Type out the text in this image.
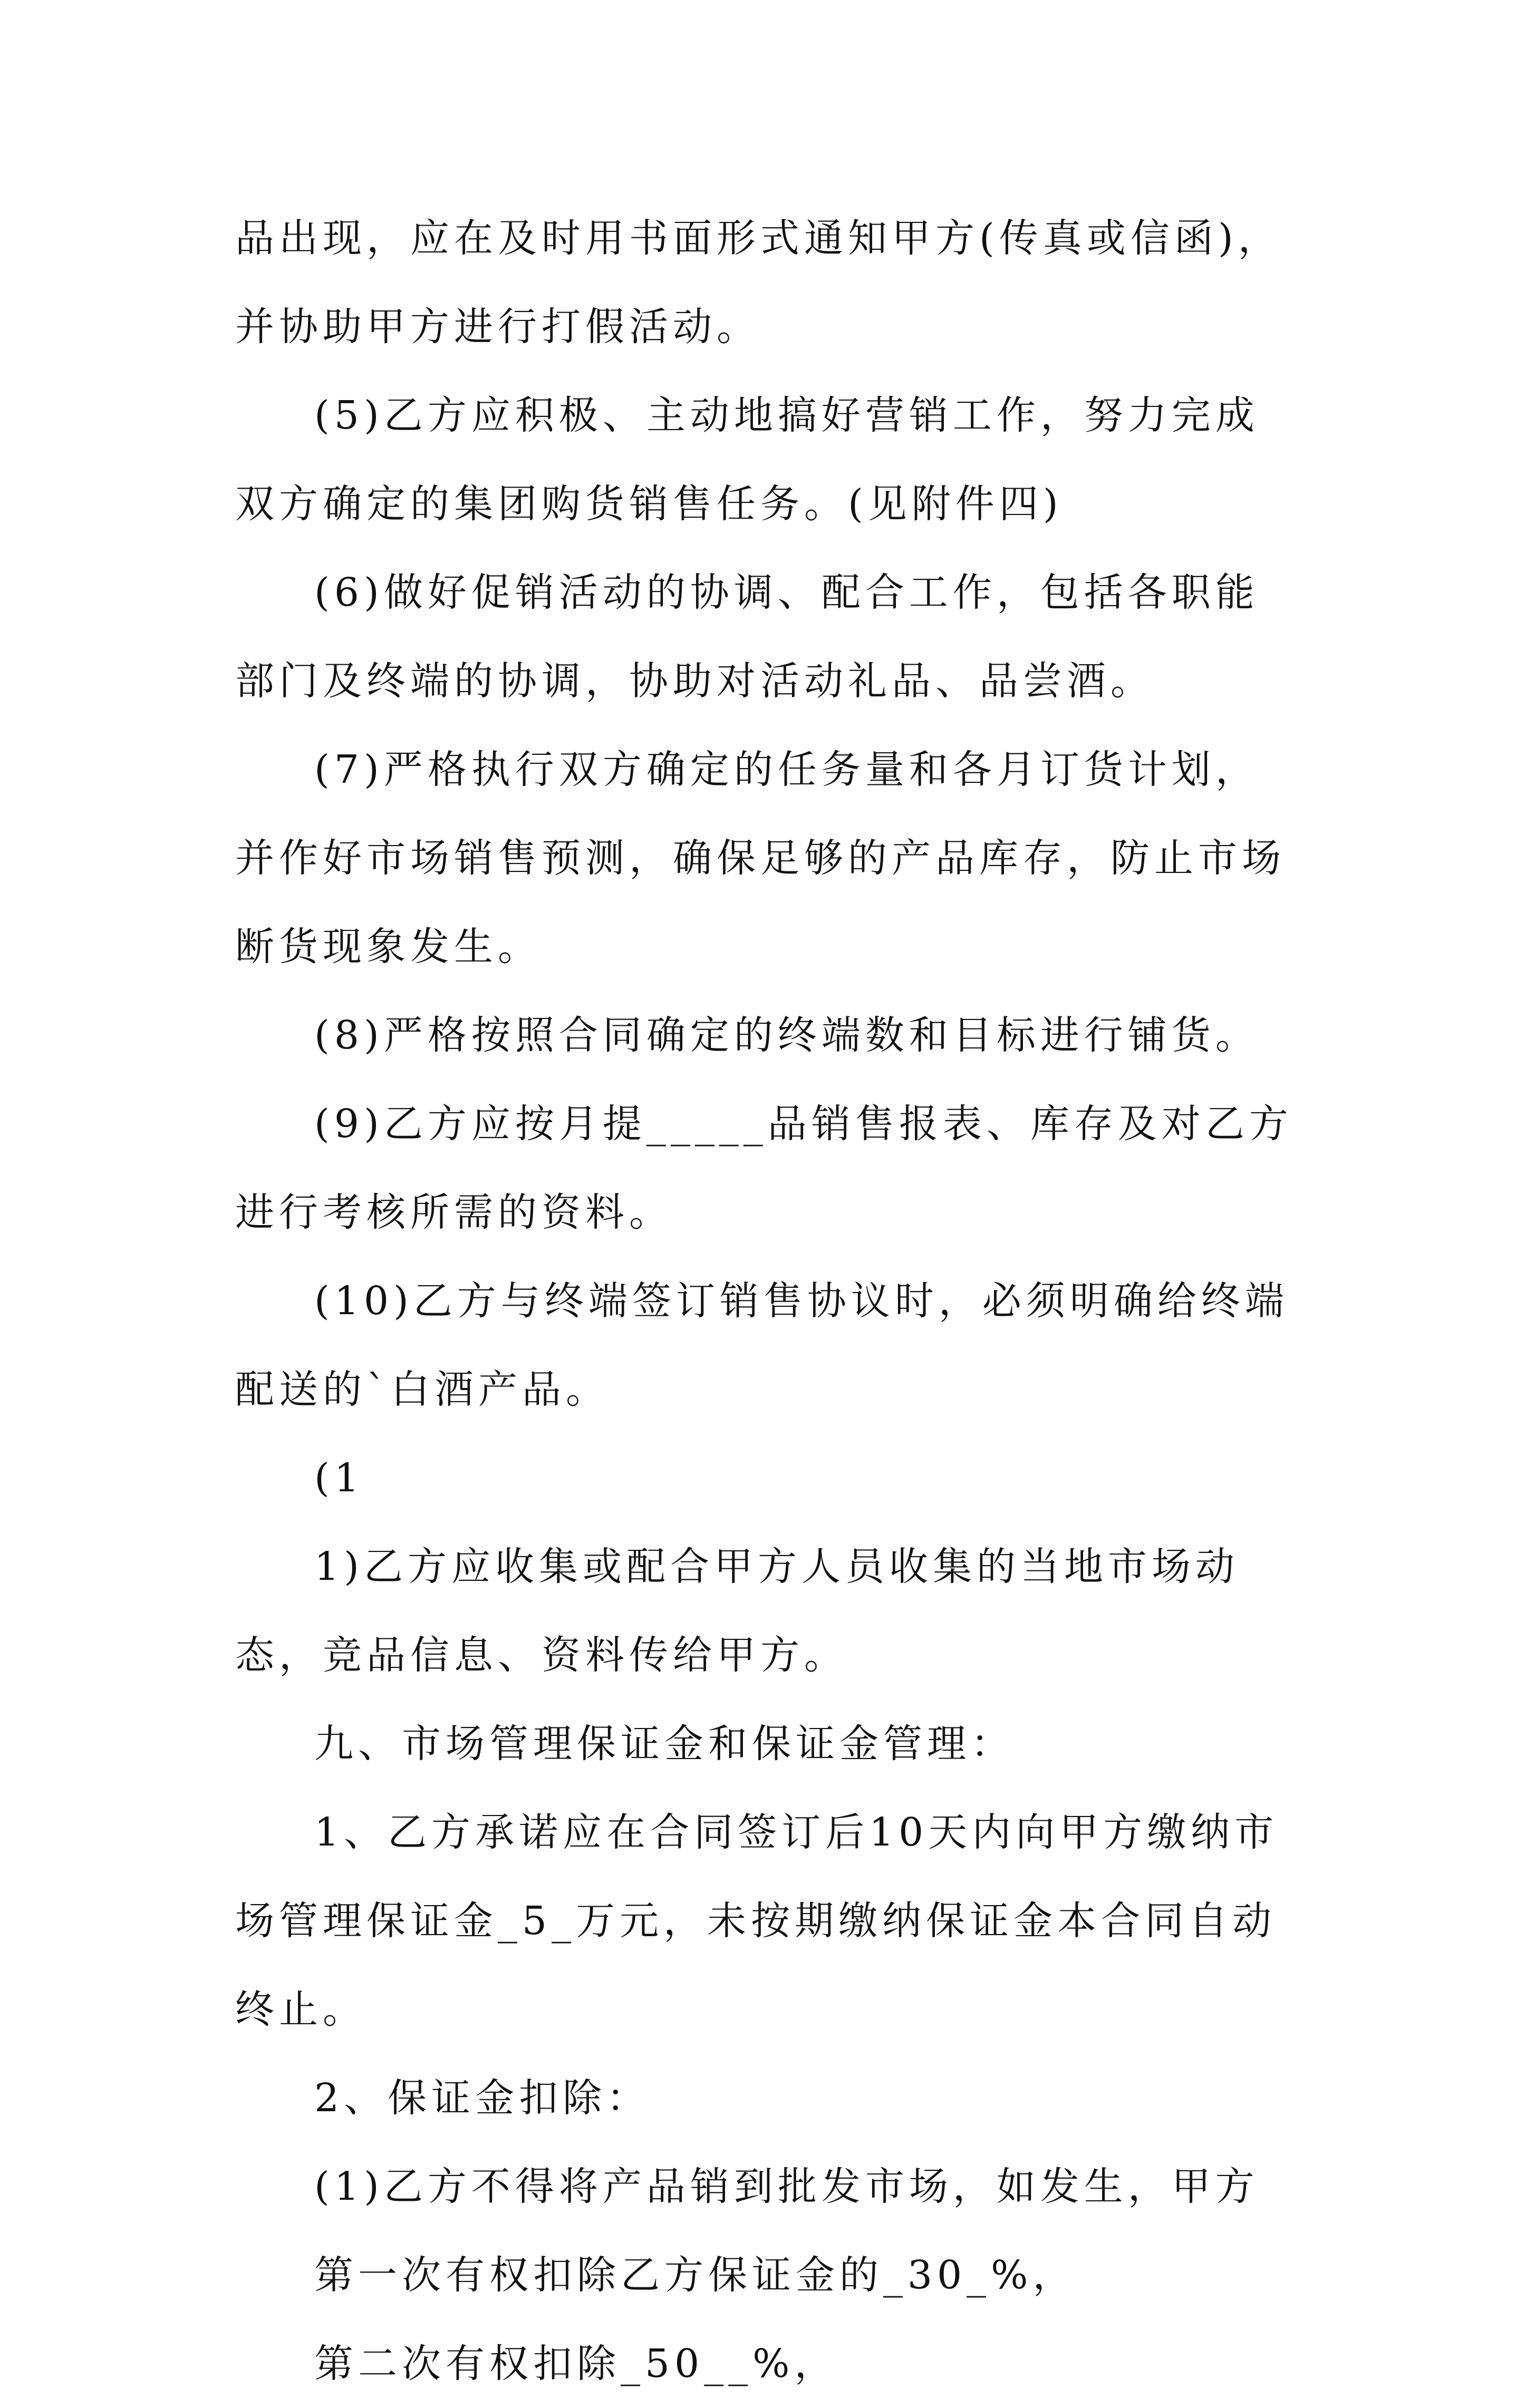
品出现，应在及时用书面形式通知甲方(传真或信函)，并协助甲方进行打假活动。

(5)乙方应积极、主动地搞好营销工作，努力完成双方确定的集团购货销售任务。(见附件四)

(6)做好促销活动的协调、配合工作，包括各职能部门及终端的协调，协助对活动礼品、品尝酒。

(7)严格执行双方确定的任务量和各月订货计划，并作好市场销售预测，确保足够的产品库存，防止市场断货现象发生。

(8)严格按照合同确定的终端数和目标进行铺货。

(9)乙方应按月提_____品销售报表、库存及对乙方进行考核所需的资料。

(10)乙方与终端签订销售协议时，必须明确给终端配送的`白酒产品。

(1

1)乙方应收集或配合甲方人员收集的当地市场动态，竞品信息、资料传给甲方。

九、市场管理保证金和保证金管理：

1、乙方承诺应在合同签订后10天内向甲方缴纳市场管理保证金_5_万元，未按期缴纳保证金本合同自动终止。

2、保证金扣除：

(1)乙方不得将产品销到批发市场，如发生，甲方

第一次有权扣除乙方保证金的_30_%，

第二次有权扣除_50__%，
